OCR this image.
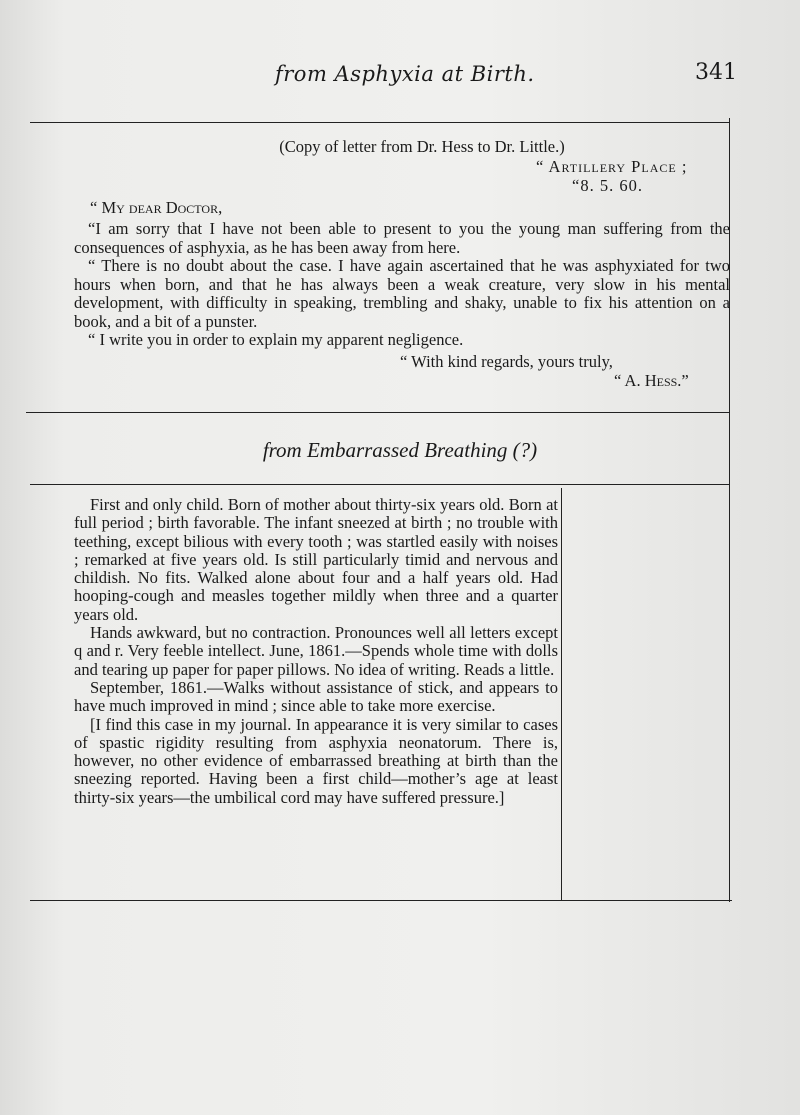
from Asphyxia at Birth.	341
(Copy of letter from Dr. Hess to Dr. Little.)
“ Artillery Place ;
“8. 5. 60.
“ My dear Doctor,

“I am sorry that I have not been able to present to you the young man suffering from the consequences of asphyxia, as he has been away from here.

“ There is no doubt about the case. I have again ascertained that he was asphyxiated for two hours when born, and that he has always been a weak creature, very slow in his mental development, with difficulty in speaking, trembling and shaky, unable to fix his attention on a book, and a bit of a punster.

“ I write you in order to explain my apparent negligence.

“ With kind regards, yours truly,
“ A. Hess.”
from Embarrassed Breathing (?)

First and only child. Born of mother about thirty-six years old. Born at full period ; birth favorable. The infant sneezed at birth ; no trouble with teething, except bilious with every tooth ; was startled easily with noises ; remarked at five years old. Is still particularly timid and nervous and childish. No fits. Walked alone about four and a half years old. Had hooping-cough and measles together mildly when three and a quarter years old.

Hands awkward, but no contraction. Pronounces well all letters except q and r. Very feeble intellect. June, 1861.—Spends whole time with dolls and tearing up paper for paper pillows. No idea of writing. Reads a little.

September, 1861.—Walks without assistance of stick, and appears to have much improved in mind ; since able to take more exercise.

[I find this case in my journal. In appearance it is very similar to cases of spastic rigidity resulting from asphyxia neonatorum. There is, however, no other evidence of embarrassed breathing at birth than the sneezing reported. Having been a first child—mother’s age at least thirty-six years—the umbilical cord may have suffered pressure.]
